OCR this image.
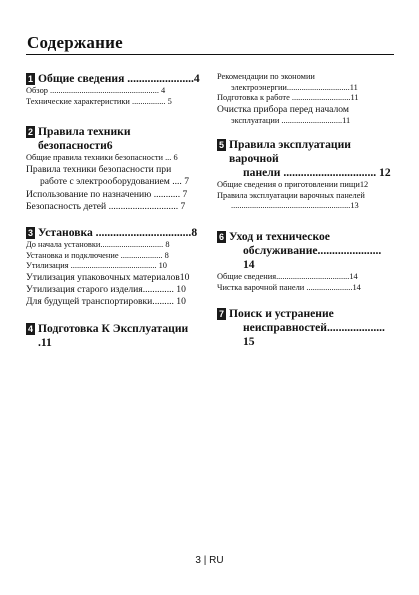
Содержание
1 Общие сведения .......................4
Обзор .................................................... 4
Технические характеристики ................ 5
2 Правила техники безопасности6
Общие правила техники безопасности ... 6
Правила техники безопасности при
работе с электрооборудованием .... 7
Использование по назначению ........... 7
Безопасность детей ............................. 7
3 Установка .................................8
До начала установки.............................. 8
Установка и подключение .................... 8
Утилизация ......................................... 10
Утилизация упаковочных материалов10
Утилизация старого изделия............. 10
Для будущей транспортировки......... 10
4 Подготовка К Эксплуатации .11
Рекомендации по экономии
электроэнергии..............................11
Подготовка к работе ............................11
Очистка прибора перед началом
эксплуатации .............................11
5 Правила эксплуатации варочной
панели ................................ 12
Общие сведения о приготовлении пищи12
Правила эксплуатации варочных панелей
.........................................................13
6 Уход и техническое
обслуживание...................... 14
Общие сведения...................................14
Чистка варочной панели ......................14
7 Поиск и устранение
неисправностей.................... 15
3 | RU
